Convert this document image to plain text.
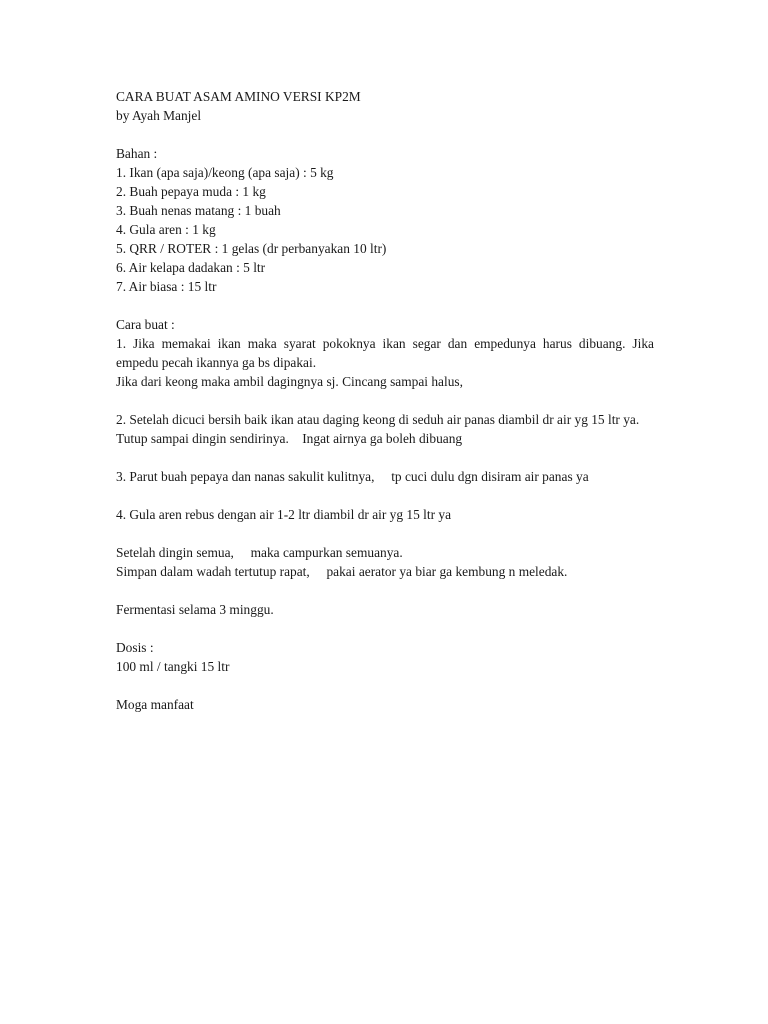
CARA BUAT ASAM AMINO VERSI KP2M
by Ayah Manjel
Bahan :
1. Ikan (apa saja)/keong (apa saja) : 5 kg
2. Buah pepaya muda : 1 kg
3. Buah nenas matang : 1 buah
4. Gula aren : 1 kg
5. QRR / ROTER : 1 gelas (dr perbanyakan 10 ltr)
6. Air kelapa dadakan : 5 ltr
7. Air biasa : 15 ltr
Cara buat :
1. Jika memakai ikan maka syarat pokoknya ikan segar dan empedunya harus dibuang. Jika
empedu pecah ikannya ga bs dipakai.
Jika dari keong maka ambil dagingnya sj. Cincang sampai halus,
2. Setelah dicuci bersih baik ikan atau daging keong di seduh air panas diambil dr air yg 15 ltr ya.
Tutup sampai dingin sendirinya.    Ingat airnya ga boleh dibuang
3. Parut buah pepaya dan nanas sakulit kulitnya,     tp cuci dulu dgn disiram air panas ya
4. Gula aren rebus dengan air 1-2 ltr diambil dr air yg 15 ltr ya
Setelah dingin semua,     maka campurkan semuanya.
Simpan dalam wadah tertutup rapat,     pakai aerator ya biar ga kembung n meledak.
Fermentasi selama 3 minggu.
Dosis :
100 ml / tangki 15 ltr
Moga manfaat
